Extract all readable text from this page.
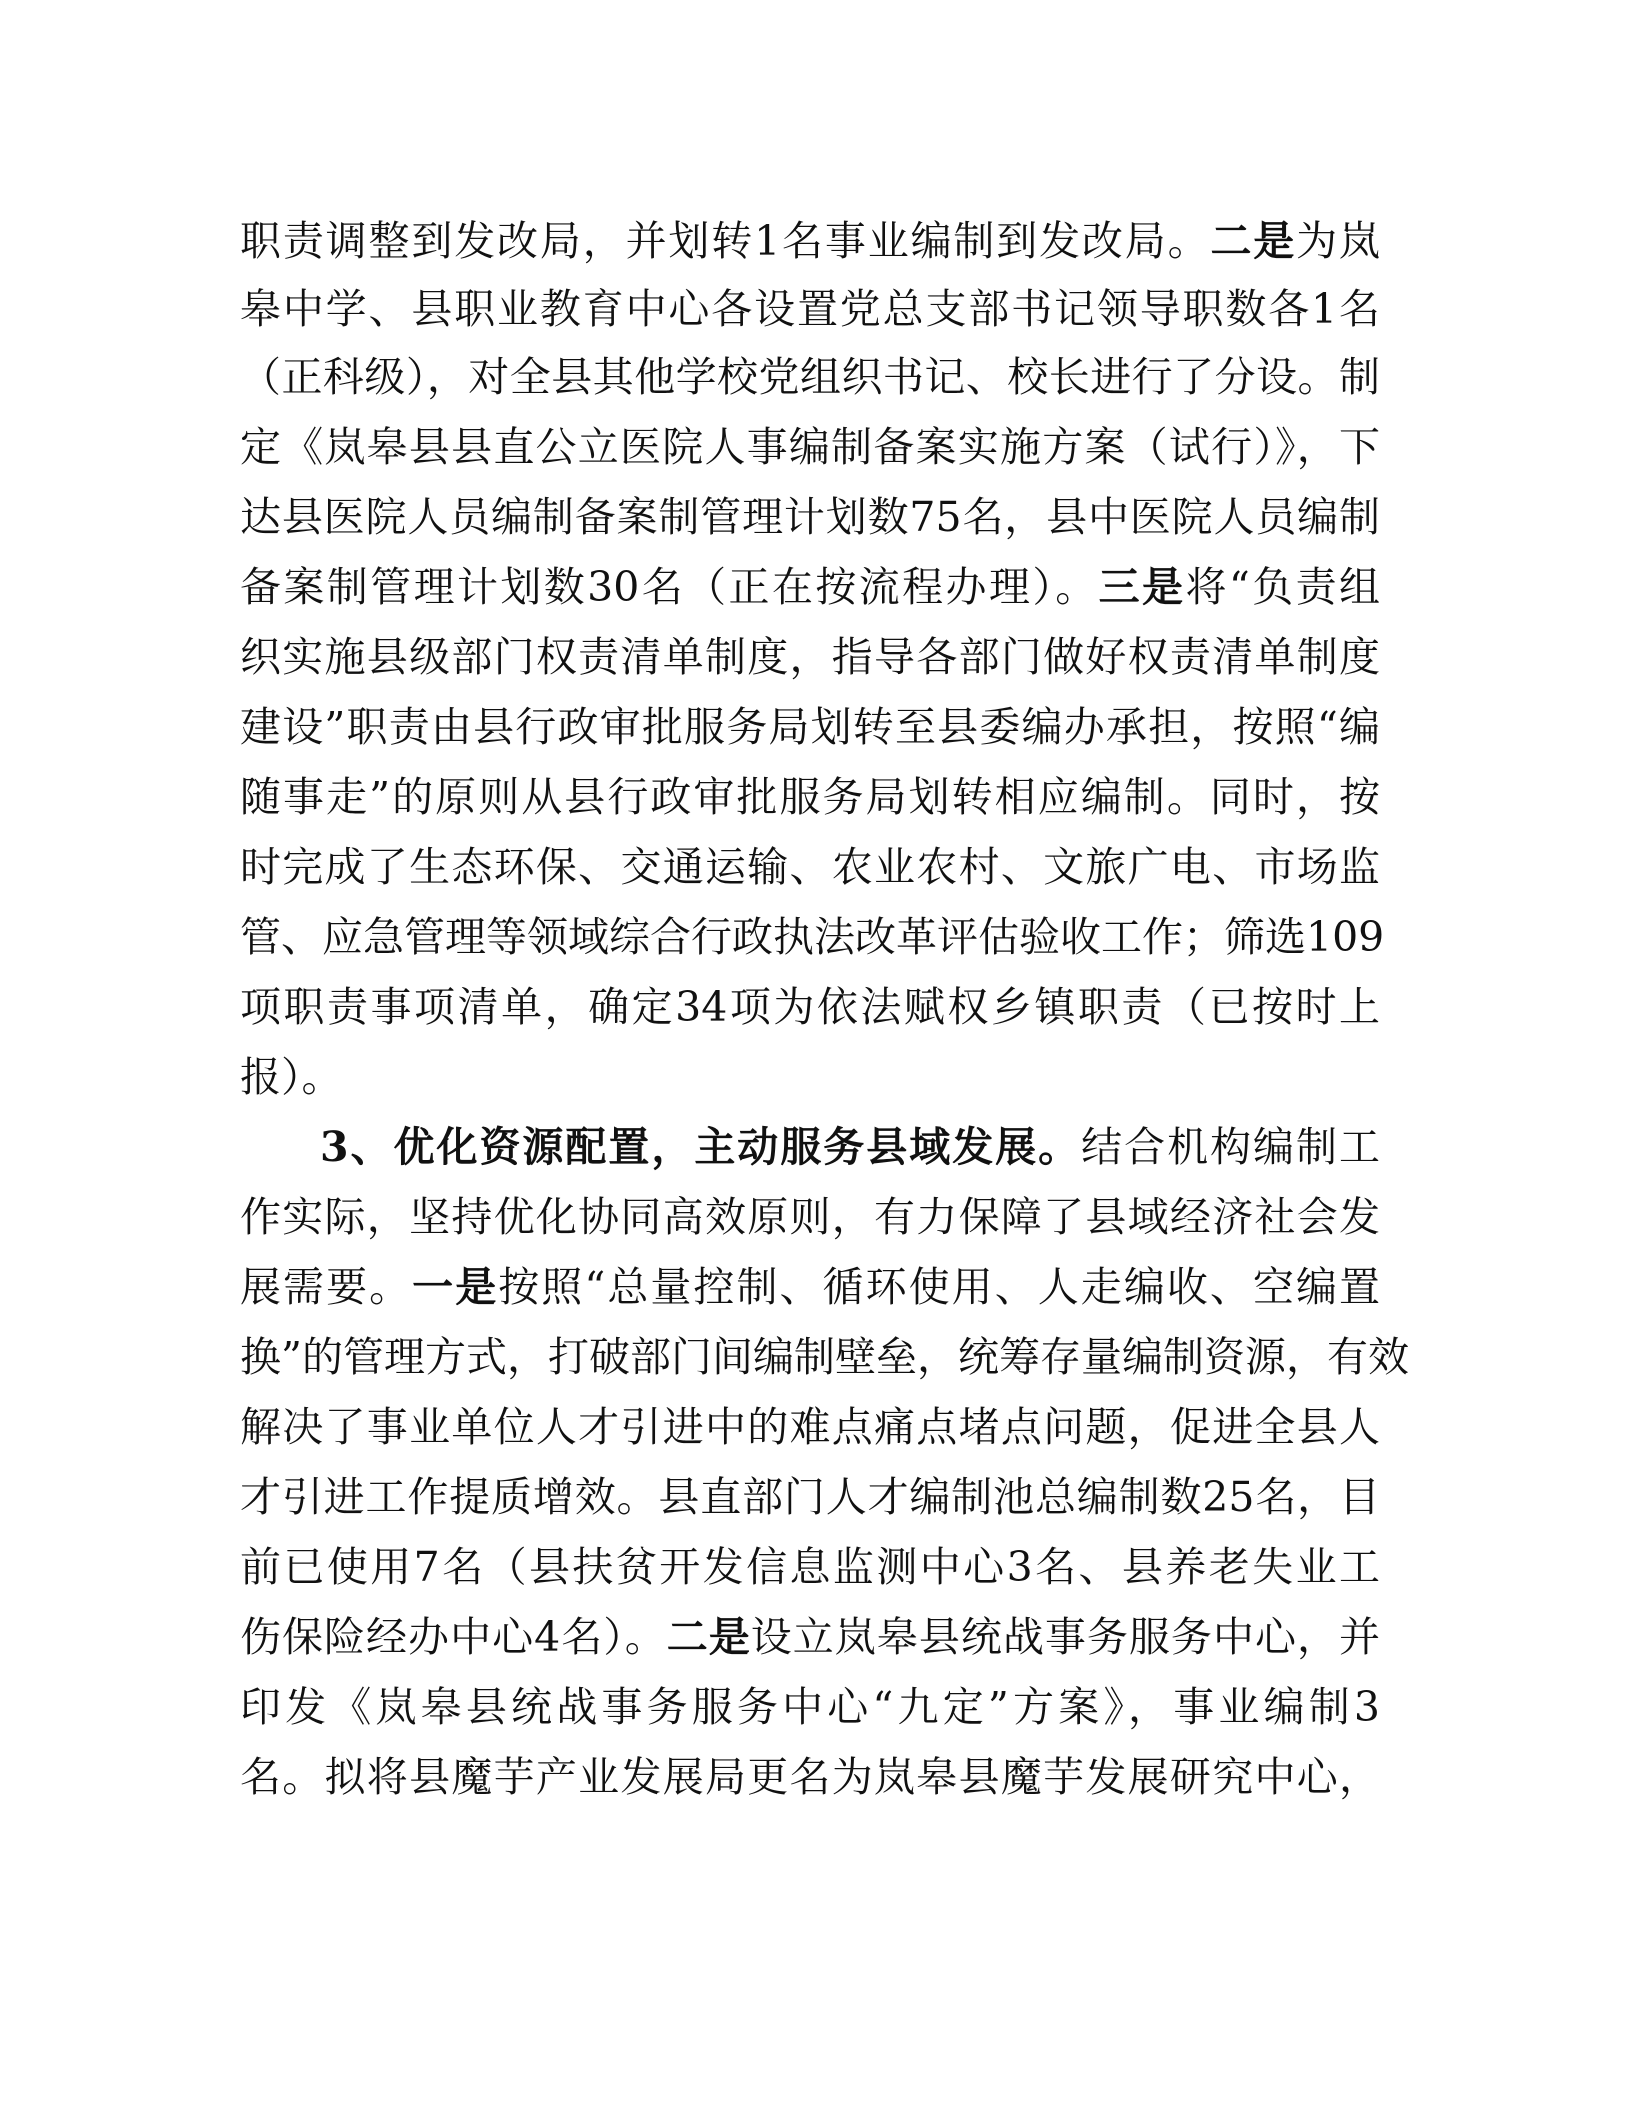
职责调整到发改局，并划转1名事业编制到发改局。二是为岚
皋中学、县职业教育中心各设置党总支部书记领导职数各1名
（正科级），对全县其他学校党组织书记、校长进行了分设。制
定《岚皋县县直公立医院人事编制备案实施方案（试行）》，下
达县医院人员编制备案制管理计划数75名，县中医院人员编制
备案制管理计划数30名（正在按流程办理）。三是将“负责组
织实施县级部门权责清单制度，指导各部门做好权责清单制度
建设”职责由县行政审批服务局划转至县委编办承担，按照“编
随事走”的原则从县行政审批服务局划转相应编制。同时，按
时完成了生态环保、交通运输、农业农村、文旅广电、市场监
管、应急管理等领域综合行政执法改革评估验收工作；筛选109
项职责事项清单，确定34项为依法赋权乡镇职责（已按时上
报）。
3、优化资源配置，主动服务县域发展。结合机构编制工
作实际，坚持优化协同高效原则，有力保障了县域经济社会发
展需要。一是按照“总量控制、循环使用、人走编收、空编置
换”的管理方式，打破部门间编制壁垒，统筹存量编制资源，有效
解决了事业单位人才引进中的难点痛点堵点问题，促进全县人
才引进工作提质增效。县直部门人才编制池总编制数25名，目
前已使用7名（县扶贫开发信息监测中心3名、县养老失业工
伤保险经办中心4名）。二是设立岚皋县统战事务服务中心，并
印发《岚皋县统战事务服务中心“九定”方案》，事业编制3
名。拟将县魔芋产业发展局更名为岚皋县魔芋发展研究中心，
